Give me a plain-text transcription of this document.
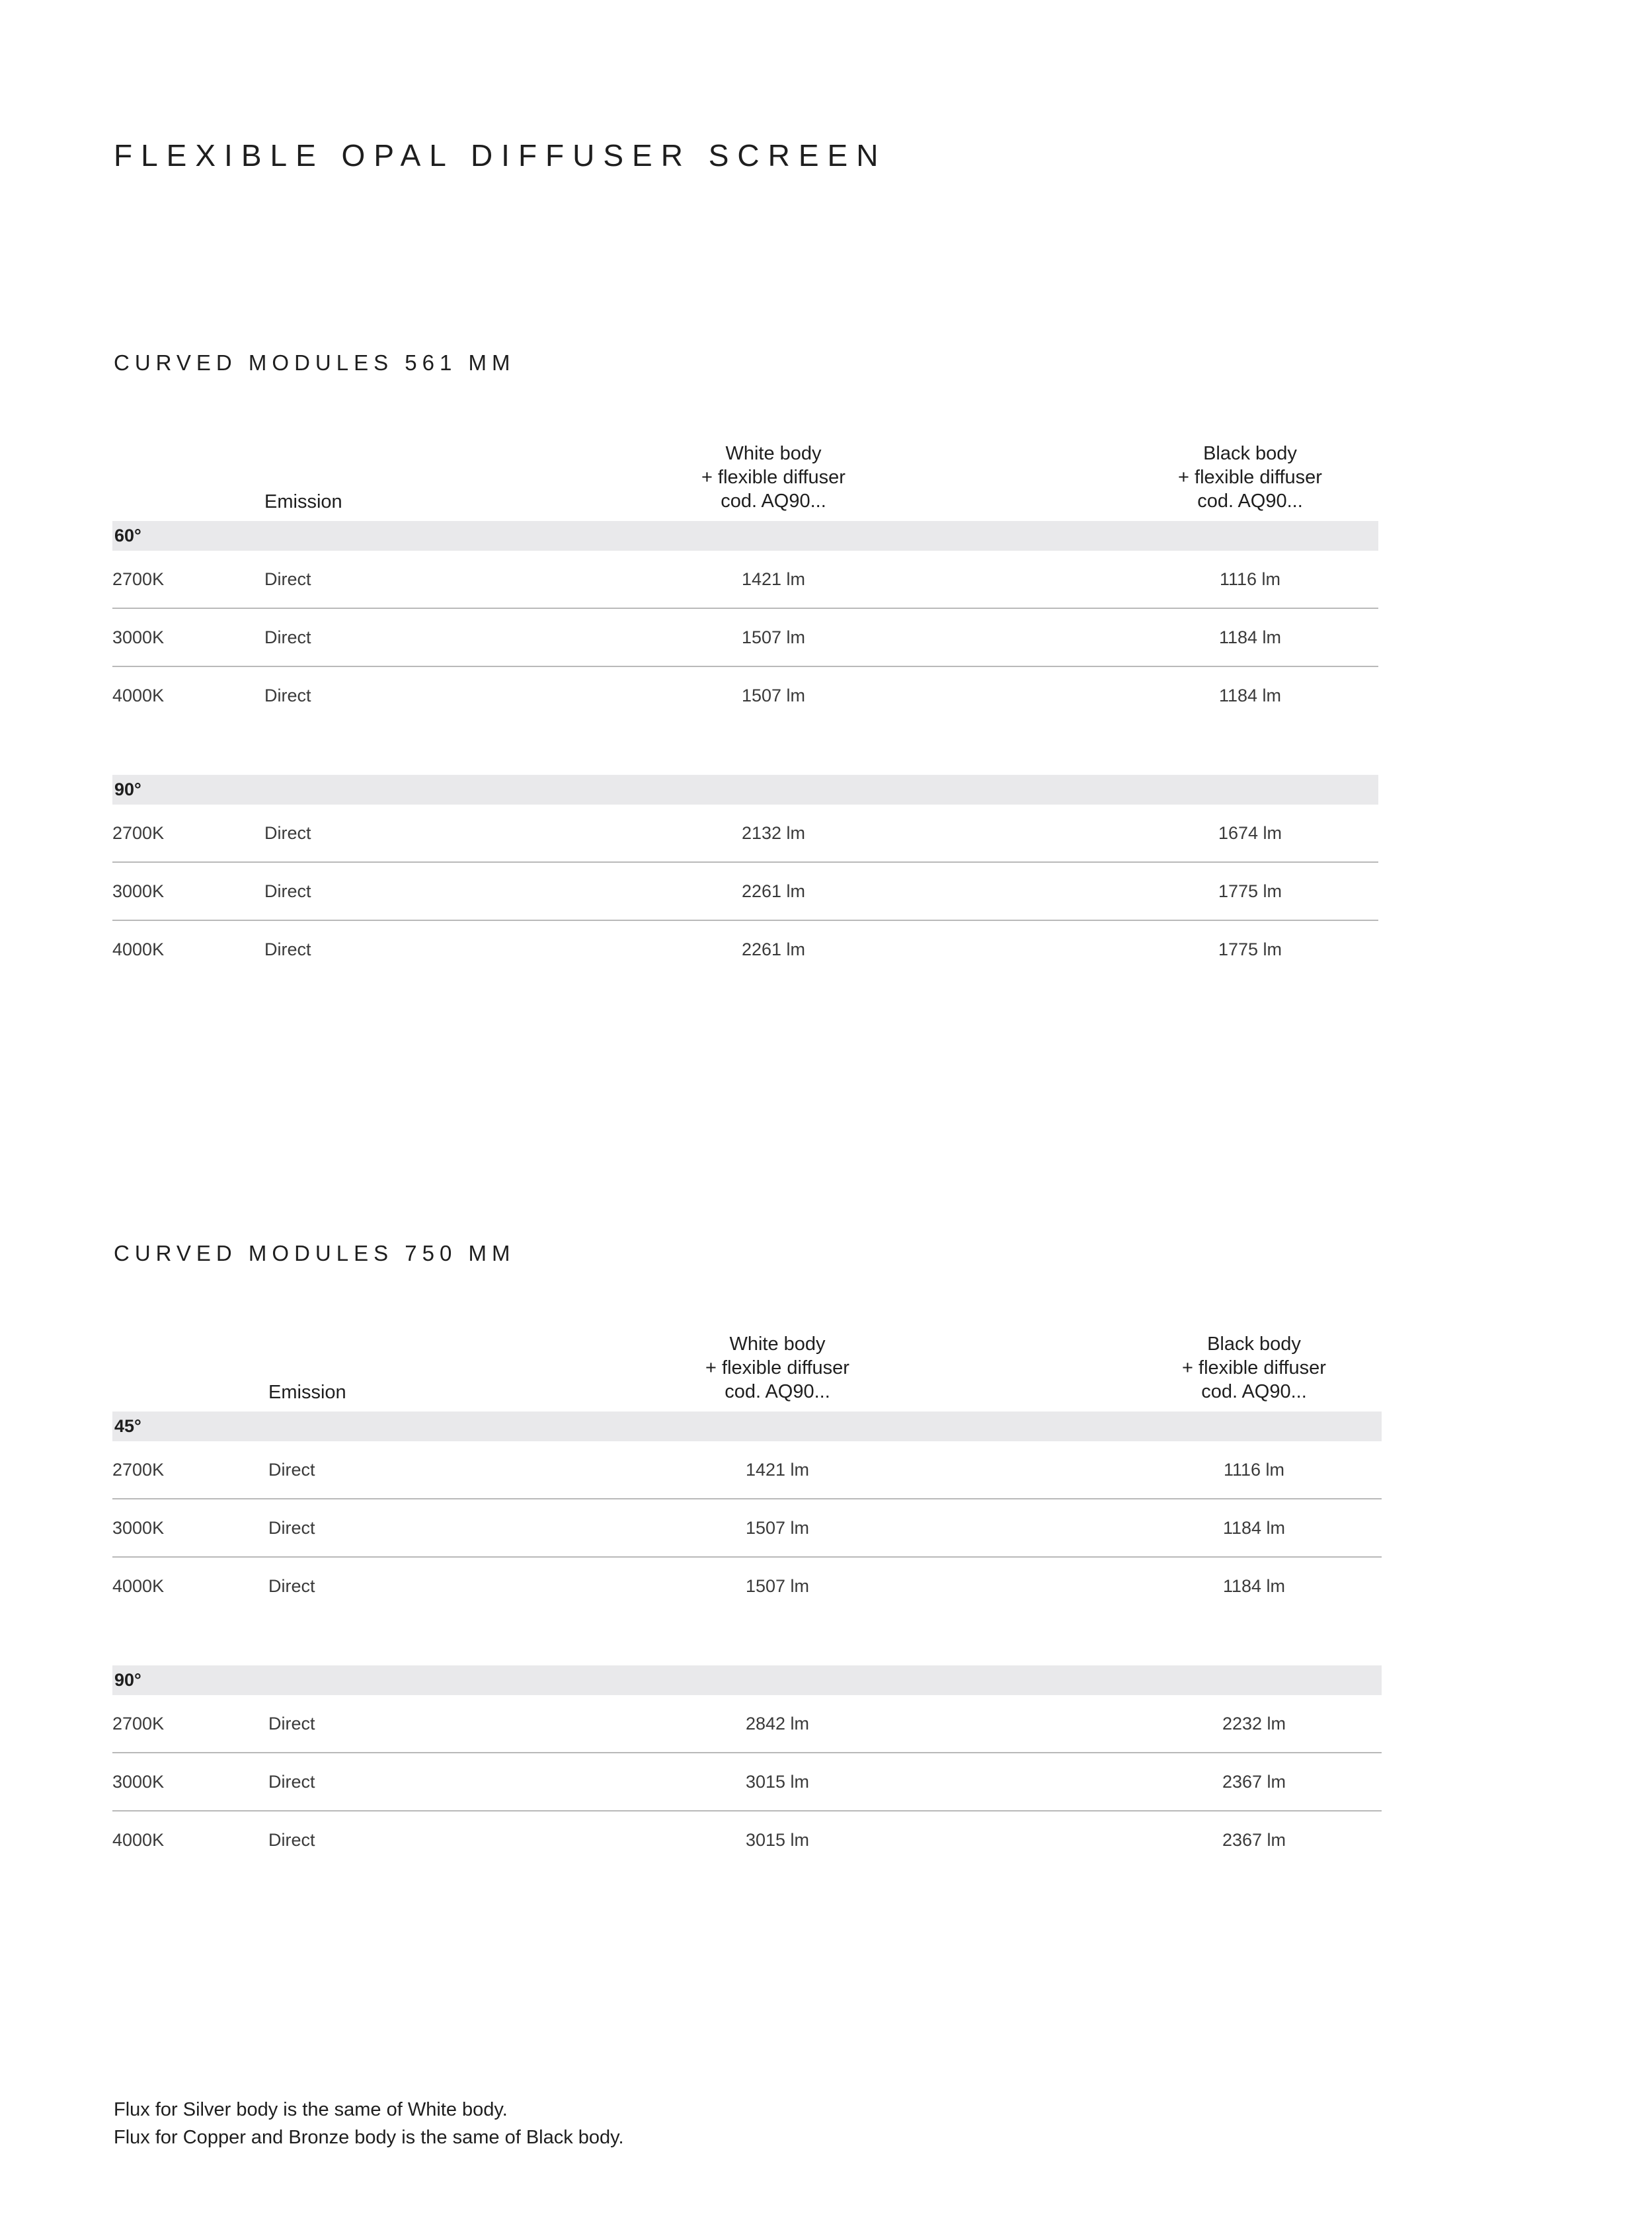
FLEXIBLE OPAL DIFFUSER SCREEN
CURVED MODULES 561 MM
Emission
White body
+ flexible diffuser
cod. AQ90...
Black body
+ flexible diffuser
cod. AQ90...
60°
2700K	Direct	1421 lm	1116 lm
3000K	Direct	1507 lm	1184 lm
4000K	Direct	1507 lm	1184 lm
90°
2700K	Direct	2132 lm	1674 lm
3000K	Direct	2261 lm	1775 lm
4000K	Direct	2261 lm	1775 lm
CURVED MODULES 750 MM
Emission
White body
+ flexible diffuser
cod. AQ90...
Black body
+ flexible diffuser
cod. AQ90...
45°
2700K	Direct	1421 lm	1116 lm
3000K	Direct	1507 lm	1184 lm
4000K	Direct	1507 lm	1184 lm
90°
2700K	Direct	2842 lm	2232 lm
3000K	Direct	3015 lm	2367 lm
4000K	Direct	3015 lm	2367 lm
Flux for Silver body is the same of White body.
Flux for Copper and Bronze body is the same of Black body.
